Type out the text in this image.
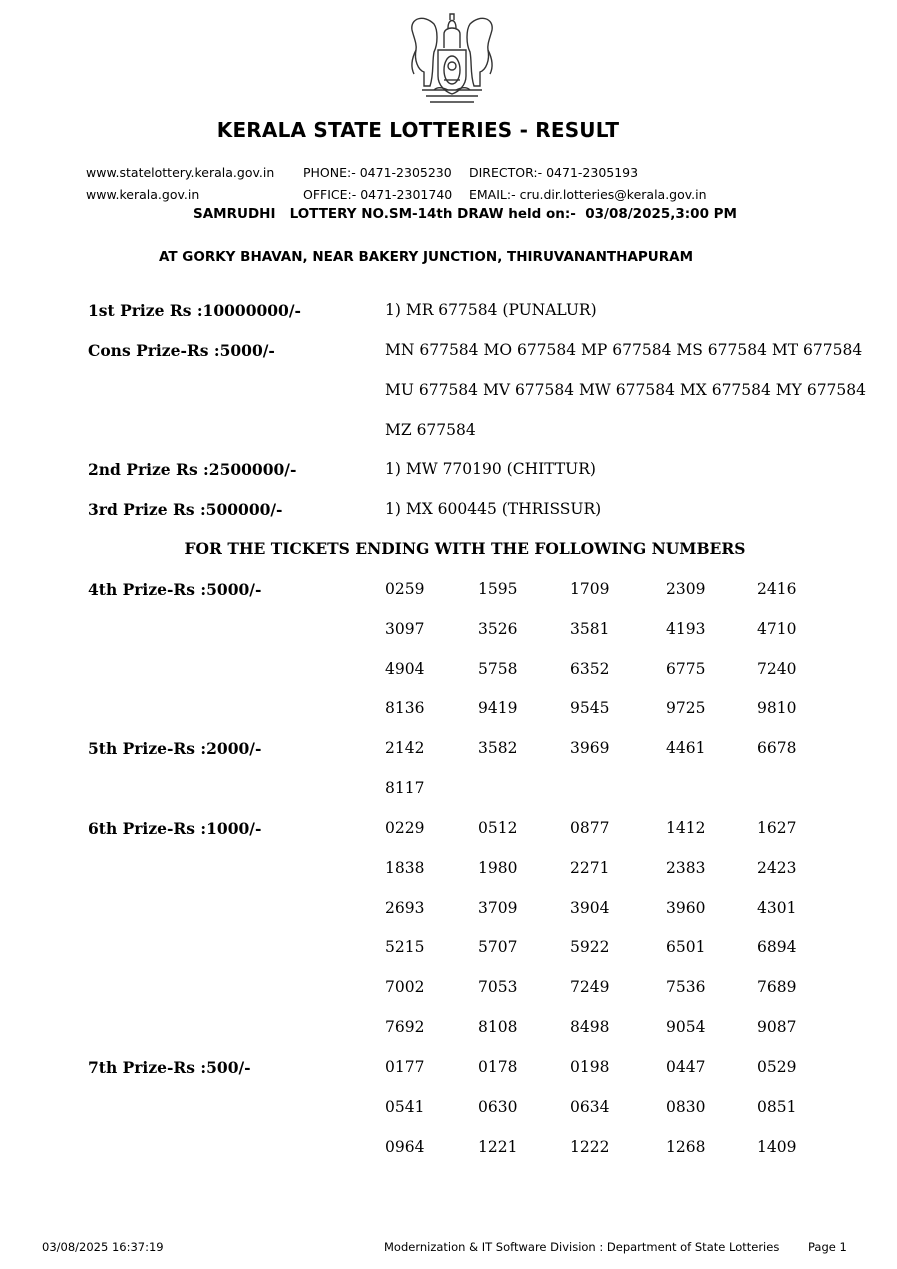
KERALA STATE LOTTERIES - RESULT
www.statelottery.kerala.gov.in
www.kerala.gov.in
PHONE:- 0471-2305230
OFFICE:- 0471-2301740
DIRECTOR:- 0471-2305193
EMAIL:- cru.dir.lotteries@kerala.gov.in
SAMRUDHI   LOTTERY NO.SM-14th DRAW held on:-  03/08/2025,3:00 PM
AT GORKY BHAVAN, NEAR BAKERY JUNCTION, THIRUVANANTHAPURAM
1st Prize Rs :10000000/-	1) MR 677584 (PUNALUR)
Cons Prize-Rs :5000/-	MN 677584 MO 677584 MP 677584 MS 677584 MT 677584
MU 677584 MV 677584 MW 677584 MX 677584 MY 677584
MZ 677584
2nd Prize Rs :2500000/-	1) MW 770190 (CHITTUR)
3rd Prize Rs :500000/-	1) MX 600445 (THRISSUR)
FOR THE TICKETS ENDING WITH THE FOLLOWING NUMBERS
4th Prize-Rs :5000/-	0259	1595	1709	2309	2416
3097	3526	3581	4193	4710
4904	5758	6352	6775	7240
8136	9419	9545	9725	9810
5th Prize-Rs :2000/-	2142	3582	3969	4461	6678
8117
6th Prize-Rs :1000/-	0229	0512	0877	1412	1627
1838	1980	2271	2383	2423
2693	3709	3904	3960	4301
5215	5707	5922	6501	6894
7002	7053	7249	7536	7689
7692	8108	8498	9054	9087
7th Prize-Rs :500/-	0177	0178	0198	0447	0529
0541	0630	0634	0830	0851
0964	1221	1222	1268	1409
03/08/2025 16:37:19	Modernization & IT Software Division : Department of State Lotteries Page 1
